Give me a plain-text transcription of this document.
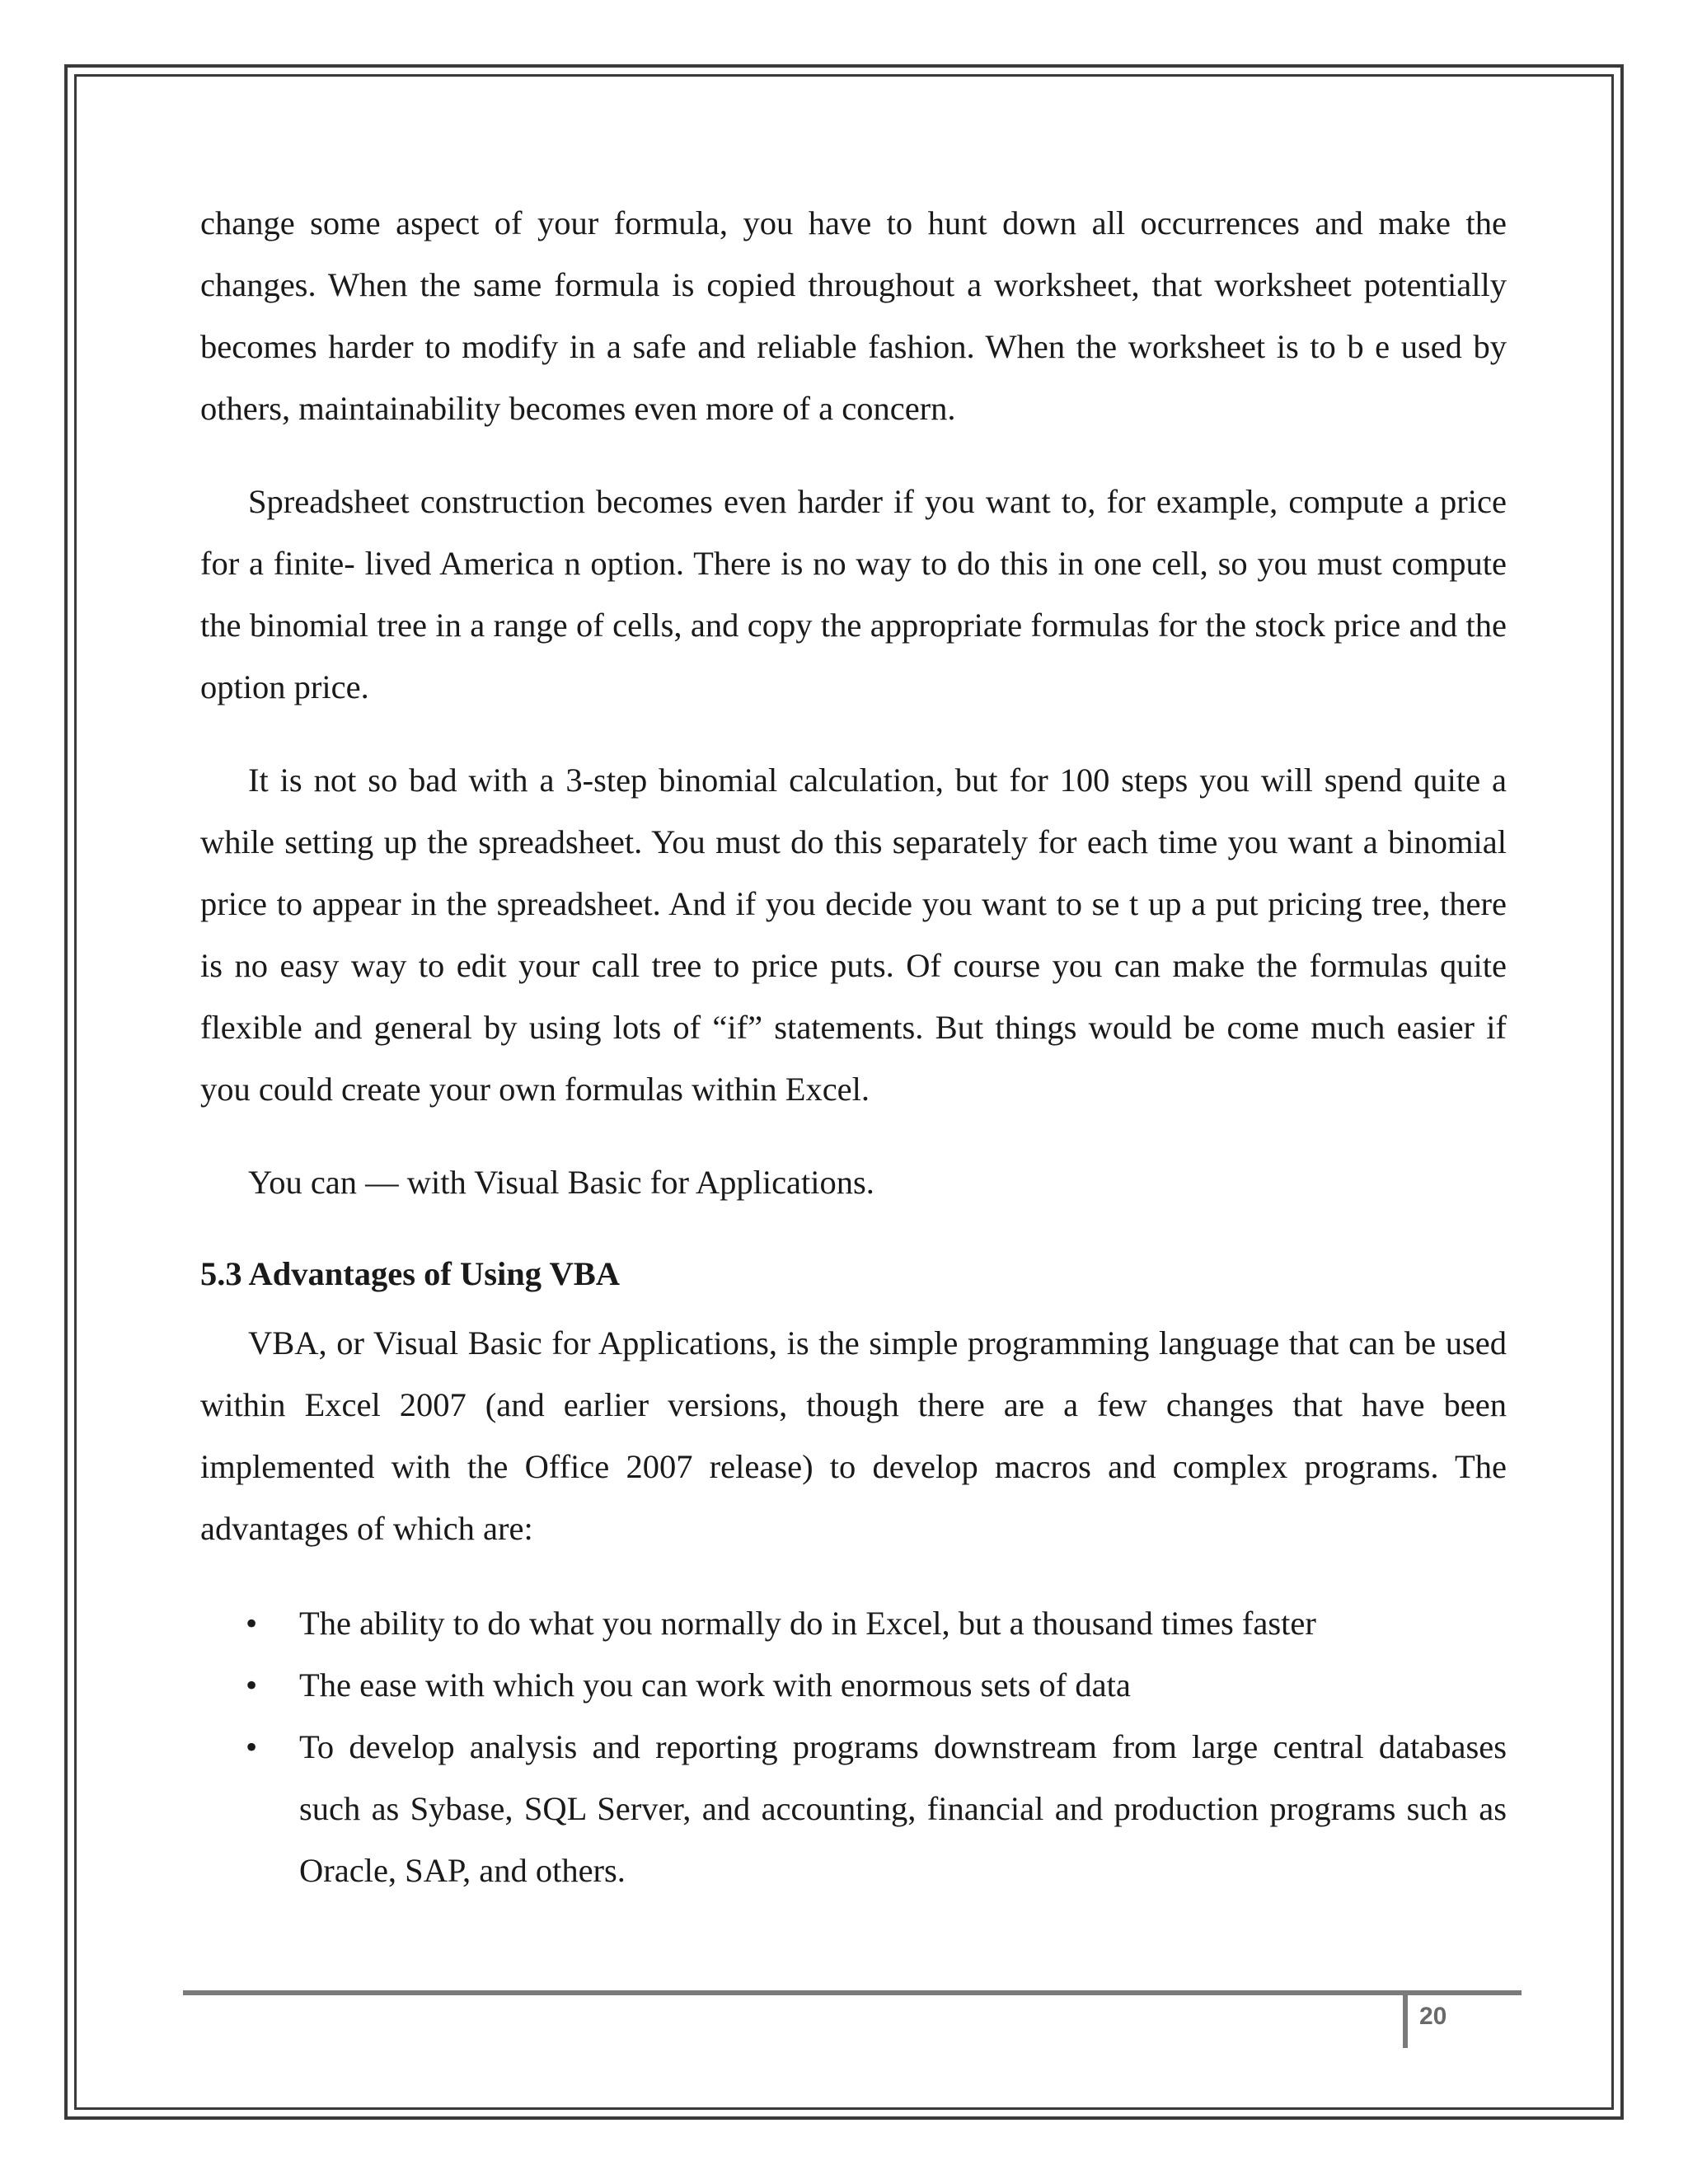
change some aspect of your formula, you have to hunt down all occurrences and make the changes. When the same formula is copied throughout a worksheet, that worksheet potentially becomes harder to modify in a safe and reliable fashion. When the worksheet is to b e used by others, maintainability becomes even more of a concern.

Spreadsheet construction becomes even harder if you want to, for example, compute a price for a finite- lived America n option. There is no way to do this in one cell, so you must compute the binomial tree in a range of cells, and copy the appropriate formulas for the stock price and the option price.

It is not so bad with a 3-step binomial calculation, but for 100 steps you will spend quite a while setting up the spreadsheet. You must do this separately for each time you want a binomial price to appear in the spreadsheet. And if you decide you want to se t up a put pricing tree, there is no easy way to edit your call tree to price puts. Of course you can make the formulas quite flexible and general by using lots of “if” statements. But things would be come much easier if you could create your own formulas within Excel.

You can — with Visual Basic for Applications.

5.3 Advantages of Using VBA

VBA, or Visual Basic for Applications, is the simple programming language that can be used within Excel 2007 (and earlier versions, though there are a few changes that have been implemented with the Office 2007 release) to develop macros and complex programs. The advantages of which are:

•	The ability to do what you normally do in Excel, but a thousand times faster
•	The ease with which you can work with enormous sets of data
•	To develop analysis and reporting programs downstream from large central databases such as Sybase, SQL Server, and accounting, financial and production programs such as Oracle, SAP, and others.
20
